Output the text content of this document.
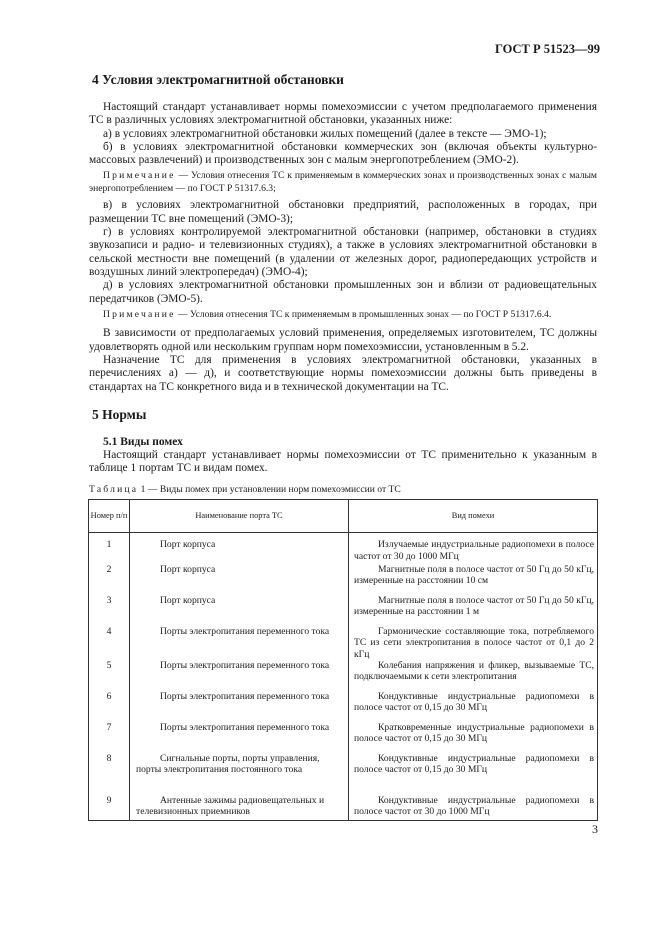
ГОСТ Р 51523—99
4 Условия электромагнитной обстановки

Настоящий стандарт устанавливает нормы помехоэмиссии с учетом предполагаемого применения ТС в различных условиях электромагнитной обстановки, указанных ниже:

а) в условиях электромагнитной обстановки жилых помещений (далее в тексте — ЭМО-1);

б) в условиях электромагнитной обстановки коммерческих зон (включая объекты культурно-массовых развлечений) и производственных зон с малым энергопотреблением (ЭМО-2).

Примечание — Условия отнесения ТС к применяемым в коммерческих зонах и производственных зонах с малым энергопотреблением — по ГОСТ Р 51317.6.3;

в) в условиях электромагнитной обстановки предприятий, расположенных в городах, при размещении ТС вне помещений (ЭМО-3);

г) в условиях контролируемой электромагнитной обстановки (например, обстановки в студиях звукозаписи и радио- и телевизионных студиях), а также в условиях электромагнитной обстановки в сельской местности вне помещений (в удалении от железных дорог, радиопередающих устройств и воздушных линий электропередач) (ЭМО-4);

д) в условиях электромагнитной обстановки промышленных зон и вблизи от радиовещательных передатчиков (ЭМО-5).

Примечание — Условия отнесения ТС к применяемым в промышленных зонах — по ГОСТ Р 51317.6.4.

В зависимости от предполагаемых условий применения, определяемых изготовителем, ТС должны удовлетворять одной или нескольким группам норм помехоэмиссии, установленным в 5.2.

Назначение ТС для применения в условиях электромагнитной обстановки, указанных в перечислениях а) — д), и соответствующие нормы помехоэмиссии должны быть приведены в стандартах на ТС конкретного вида и в технической документации на ТС.

5 Нормы
5.1 Виды помех

Настоящий стандарт устанавливает нормы помехоэмиссии от ТС применительно к указанным в таблице 1 портам ТС и видам помех.

Таблица 1 — Виды помех при установлении норм помехоэмиссии от ТС
Номер п/п	Наименование порта ТС	Вид помехи
1	Порт корпуса	Излучаемые индустриальные радиопомехи в полосе частот от 30 до 1000 МГц

2	Порт корпуса	Магнитные поля в полосе частот от 50 Гц до 50 кГц, измеренные на расстоянии 10 см

3	Порт корпуса	Магнитные поля в полосе частот от 50 Гц до 50 кГц, измеренные на расстоянии 1 м

4	Порты электропитания переменного тока	Гармонические составляющие тока, потребляемого ТС из сети электропитания в полосе частот от 0,1 до 2 кГц

5	Порты электропитания переменного тока	Колебания напряжения и фликер, вызываемые ТС, подключаемыми к сети электропитания

6	Порты электропитания переменного тока	Кондуктивные индустриальные радиопомехи в полосе частот от 0,15 до 30 МГц

7	Порты электропитания переменного тока	Кратковременные индустриальные радиопомехи в полосе частот от 0,15 до 30 МГц

8	Сигнальные порты, порты управления, порты электропитания постоянного тока	Кондуктивные индустриальные радиопомехи в полосе частот от 0,15 до 30 МГц

9	Антенные зажимы радиовещательных и телевизионных приемников	Кондуктивные индустриальные радиопомехи в полосе частот от 30 до 1000 МГц
3
